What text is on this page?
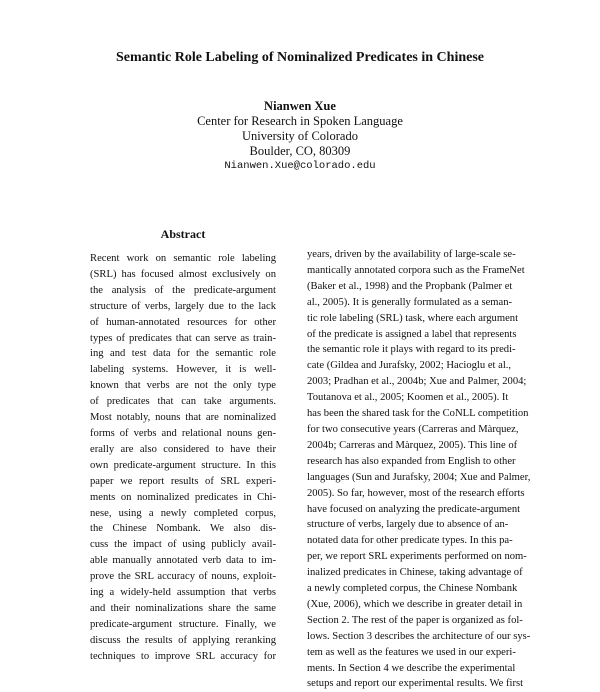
Semantic Role Labeling of Nominalized Predicates in Chinese
Nianwen Xue
Center for Research in Spoken Language
University of Colorado
Boulder, CO, 80309
Nianwen.Xue@colorado.edu
Abstract
Recent work on semantic role labeling
(SRL) has focused almost exclusively on
the analysis of the predicate-argument
structure of verbs, largely due to the lack
of human-annotated resources for other
types of predicates that can serve as train-
ing and test data for the semantic role
labeling systems. However, it is well-
known that verbs are not the only type
of predicates that can take arguments.
Most notably, nouns that are nominalized
forms of verbs and relational nouns gen-
erally are also considered to have their
own predicate-argument structure. In this
paper we report results of SRL experi-
ments on nominalized predicates in Chi-
nese, using a newly completed corpus,
the Chinese Nombank. We also dis-
cuss the impact of using publicly avail-
able manually annotated verb data to im-
prove the SRL accuracy of nouns, exploit-
ing a widely-held assumption that verbs
and their nominalizations share the same
predicate-argument structure. Finally, we
discuss the results of applying reranking
techniques to improve SRL accuracy for
years, driven by the availability of large-scale se-
mantically annotated corpora such as the FrameNet
(Baker et al., 1998) and the Propbank (Palmer et
al., 2005). It is generally formulated as a seman-
tic role labeling (SRL) task, where each argument
of the predicate is assigned a label that represents
the semantic role it plays with regard to its predi-
cate (Gildea and Jurafsky, 2002; Hacioglu et al.,
2003; Pradhan et al., 2004b; Xue and Palmer, 2004;
Toutanova et al., 2005; Koomen et al., 2005). It
has been the shared task for the CoNLL competition
for two consecutive years (Carreras and Màrquez,
2004b; Carreras and Màrquez, 2005). This line of
research has also expanded from English to other
languages (Sun and Jurafsky, 2004; Xue and Palmer,
2005). So far, however, most of the research efforts
have focused on analyzing the predicate-argument
structure of verbs, largely due to absence of an-
notated data for other predicate types. In this pa-
per, we report SRL experiments performed on nom-
inalized predicates in Chinese, taking advantage of
a newly completed corpus, the Chinese Nombank
(Xue, 2006), which we describe in greater detail in
Section 2. The rest of the paper is organized as fol-
lows. Section 3 describes the architecture of our sys-
tem as well as the features we used in our experi-
ments. In Section 4 we describe the experimental
setups and report our experimental results. We first
